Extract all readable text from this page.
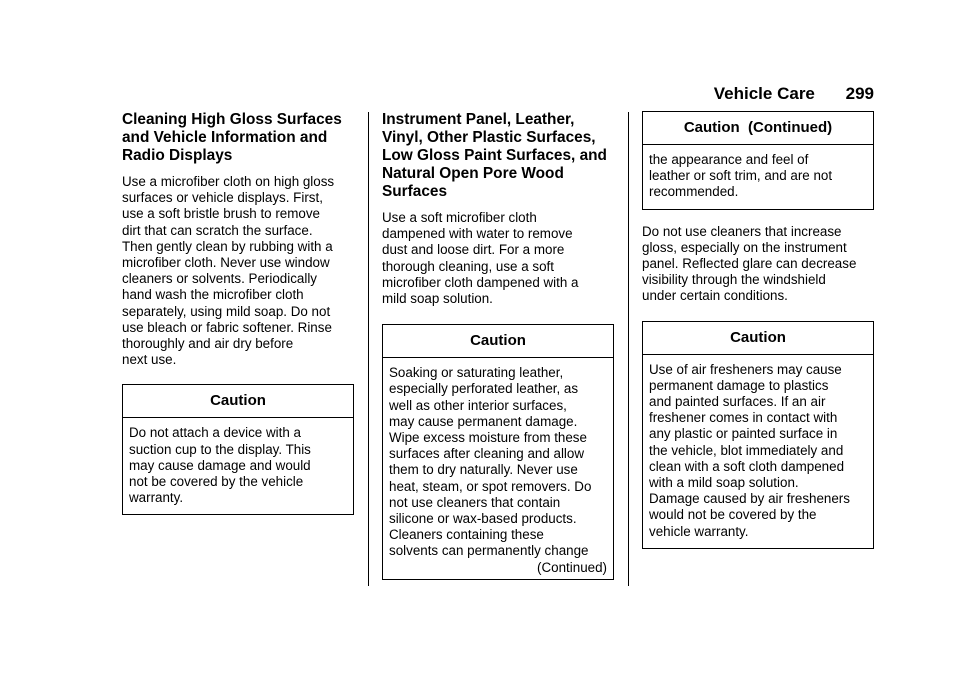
Vehicle Care 299
Cleaning High Gloss Surfaces
and Vehicle Information and
Radio Displays

Use a microfiber cloth on high gloss
surfaces or vehicle displays. First,
use a soft bristle brush to remove
dirt that can scratch the surface.
Then gently clean by rubbing with a
microfiber cloth. Never use window
cleaners or solvents. Periodically
hand wash the microfiber cloth
separately, using mild soap. Do not
use bleach or fabric softener. Rinse
thoroughly and air dry before
next use.

Caution

Do not attach a device with a
suction cup to the display. This
may cause damage and would
not be covered by the vehicle
warranty.

Instrument Panel, Leather,
Vinyl, Other Plastic Surfaces,
Low Gloss Paint Surfaces, and
Natural Open Pore Wood
Surfaces

Use a soft microfiber cloth
dampened with water to remove
dust and loose dirt. For a more
thorough cleaning, use a soft
microfiber cloth dampened with a
mild soap solution.

Caution

Soaking or saturating leather,
especially perforated leather, as
well as other interior surfaces,
may cause permanent damage.
Wipe excess moisture from these
surfaces after cleaning and allow
them to dry naturally. Never use
heat, steam, or spot removers. Do
not use cleaners that contain
silicone or wax-based products.
Cleaners containing these
solvents can permanently change
(Continued)

Caution  (Continued)

the appearance and feel of
leather or soft trim, and are not
recommended.

Do not use cleaners that increase
gloss, especially on the instrument
panel. Reflected glare can decrease
visibility through the windshield
under certain conditions.

Caution

Use of air fresheners may cause
permanent damage to plastics
and painted surfaces. If an air
freshener comes in contact with
any plastic or painted surface in
the vehicle, blot immediately and
clean with a soft cloth dampened
with a mild soap solution.
Damage caused by air fresheners
would not be covered by the
vehicle warranty.
